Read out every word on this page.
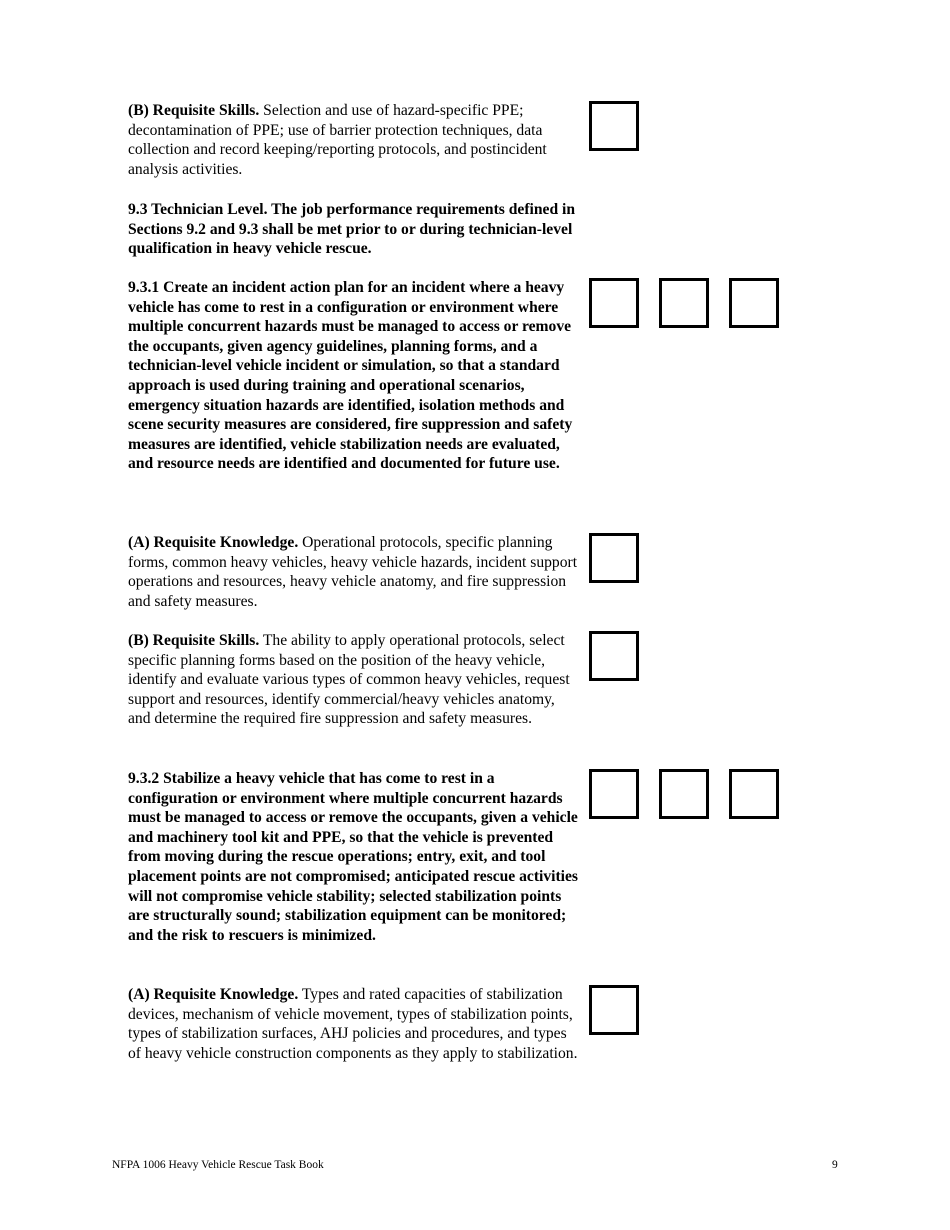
(B) Requisite Skills. Selection and use of hazard-specific PPE; decontamination of PPE; use of barrier protection techniques, data collection and record keeping/reporting protocols, and postincident analysis activities.

9.3 Technician Level. The job performance requirements defined in Sections 9.2 and 9.3 shall be met prior to or during technician-level qualification in heavy vehicle rescue.

9.3.1 Create an incident action plan for an incident where a heavy vehicle has come to rest in a configuration or environment where multiple concurrent hazards must be managed to access or remove the occupants, given agency guidelines, planning forms, and a technician-level vehicle incident or simulation, so that a standard approach is used during training and operational scenarios, emergency situation hazards are identified, isolation methods and scene security measures are considered, fire suppression and safety measures are identified, vehicle stabilization needs are evaluated, and resource needs are identified and documented for future use.

(A) Requisite Knowledge. Operational protocols, specific planning forms, common heavy vehicles, heavy vehicle hazards, incident support operations and resources, heavy vehicle anatomy, and fire suppression and safety measures.

(B) Requisite Skills. The ability to apply operational protocols, select specific planning forms based on the position of the heavy vehicle, identify and evaluate various types of common heavy vehicles, request support and resources, identify commercial/heavy vehicles anatomy, and determine the required fire suppression and safety measures.

9.3.2 Stabilize a heavy vehicle that has come to rest in a configuration or environment where multiple concurrent hazards must be managed to access or remove the occupants, given a vehicle and machinery tool kit and PPE, so that the vehicle is prevented from moving during the rescue operations; entry, exit, and tool placement points are not compromised; anticipated rescue activities will not compromise vehicle stability; selected stabilization points are structurally sound; stabilization equipment can be monitored; and the risk to rescuers is minimized.

(A) Requisite Knowledge. Types and rated capacities of stabilization devices, mechanism of vehicle movement, types of stabilization points, types of stabilization surfaces, AHJ policies and procedures, and types of heavy vehicle construction components as they apply to stabilization.

NFPA 1006 Heavy Vehicle Rescue Task Book	9
